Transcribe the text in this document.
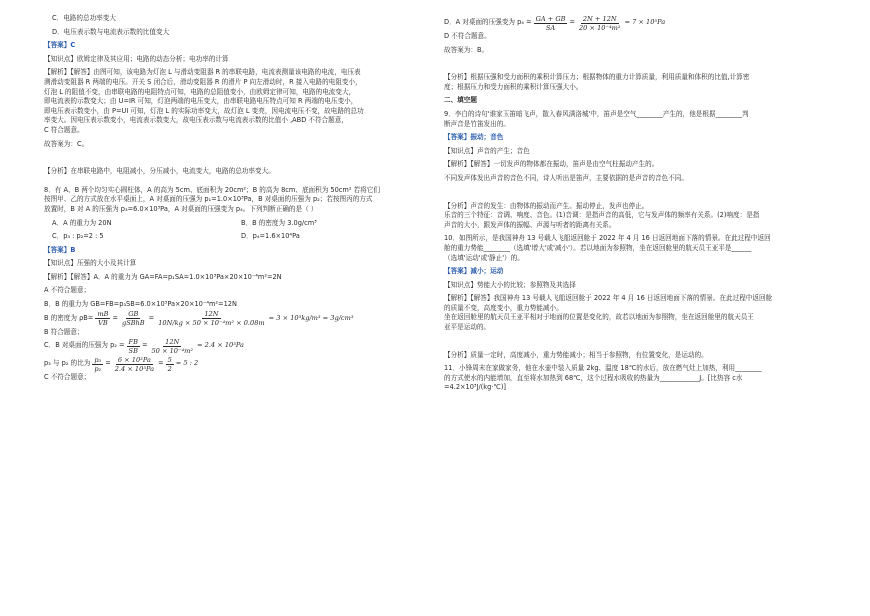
C．电路的总功率变大

D．电压表示数与电流表示数的比值变大

【答案】C

【知识点】欧姆定律及其应用；电路的动态分析；电功率的计算

【解析】【解答】由图可知，该电路为灯泡 L 与滑动变阻器 R 的串联电路，电流表测量该电路的电流，电压表

测滑动变阻器 R 两端的电压。开关 S 闭合后，滑动变阻器 R 的滑片 P 向左滑动时，R 接入电路的电阻变小，

灯泡 L 的阻值不变，由串联电路的电阻特点可知，电路的总阻值变小，由欧姆定律可知，电路的电流变大，

即电流表的示数变大；由 U=IR 可知，灯泡两端的电压变大，由串联电路电压特点可知 R 两端的电压变小，

即电压表示数变小，由 P=UI 可知，灯泡 L 的实际功率变大，故灯泡 L 变亮，因电流电压不变，故电路的总功

率变大。因电压表示数变小，电流表示数变大，故电压表示数与电流表示数的比值小 ,ABD 不符合题意，

C 符合题意。

故答案为：C。

【分析】在串联电路中，电阻减小，分压减小，电流变大，电路的总功率变大。

8．有 A、B 两个均匀实心圆柱体，A 的高为 5cm、底面积为 20cm²；B 的高为 8cm、底面积为 50cm² 若将它们

按图甲、乙的方式放在水平桌面上，A 对桌面的压强为 p₁=1.0×10³Pa，B 对桌面的压强为 p₂；若按图丙的方式

放置时，B 对 A 的压强为 p₃=6.0×10³Pa，A 对桌面的压强变为 p₄。下列判断正确的是（ ）

A．A 的重力为 20N	B．B 的密度为 3.0g/cm³
C．p₃ : p₂=2 : 5	D．p₄=1.6×10⁴Pa

【答案】B

【知识点】压强的大小及其计算

【解析】【解答】A．A 的重力为 GA=FA=p₁SA=1.0×10³Pa×20×10⁻⁴m²=2N

A 不符合题意；

B．B 的重力为 GB=FB=p₃SB=6.0×10³Pa×20×10⁻⁴m²=12N

B 的密度为 $\rho B= \frac{mB}{VB} = \frac{GB}{\text{gSBhB}} = \frac{12N}{\text{10N/kg × 50 × 10⁻⁴m² × 0.08m}} = 3 \times 10^3kg/m^3 = 3g/cm^3$

B 符合题意；

C．B 对桌面的压强为 $p_2 = \frac{FB}{SB} = \frac{12N}{\text{50 × 10⁻⁴m²}} = 2.4 \times 10^3Pa$
p₃ 与 p₂ 的比为 $\frac{\text{p₃}}{\text{p₂}} = \frac{\text{6 × 10³Pa}}{\text{2.4 × 10³Pa}} = \frac{5}{2} = 5$ : 2

C 不符合题意；

D．A 对桌面的压强变为 $p_4 = \frac{GA + GB}{SA} = \frac{2N + 12N}{\text{20 × 10⁻⁴m²}} = 7 \times 10^3Pa$

D 不符合题意。

故答案为：B。

【分析】根据压强和受力面积的乘积计算压力；根据物体的重力计算质量，利用质量和体积的比值,计算密

度；根据压力和受力面积的乘积计算压强大小。

二、填空题

9．李白的诗句'谁家玉笛暗飞声，散入春风满洛城'中，笛声是空气________产生的，他是根据________判

断声音是竹笛发出的。

【答案】振动；音色

【知识点】声音的产生；音色

【解析】【解答】一切发声的物体都在振动，笛声是由空气柱振动产生的。

不同发声体发出声音的音色不同，诗人听出是笛声，主要依据的是声音的音色不同。

【分析】声音的发生：由物体的振动而产生。振动停止，发声也停止。

乐音的三个特征：音调、响度、音色。(1)音调：是指声音的高低，它与发声体的频率有关系。(2)响度：是指

声音的大小，跟发声体的振幅、声源与听者的距离有关系。

10．如图所示，是我国神舟 13 号载人飞船返回舱于 2022 年 4 月 16 日返回地面下落的情景。在此过程中返回

舱的重力势能________（选填'增大'或'减小'）。若以地面为参照物，坐在返回舱里的航天员王亚平是______

（选填'运动'或'静止'）的。

【答案】减小；运动

【知识点】势能大小的比较；参照物及其选择

【解析】【解答】我国神舟 13 号载人飞船返回舱于 2022 年 4 月 16 日返回地面下落的情景。在此过程中返回舱

的质量不变，高度变小，重力势能减小。

坐在返回舱里的航天员王亚平相对于地面的位置是变化的，故若以地面为参照物，坐在返回舱里的航天员王

亚平是运动的。

【分析】质量一定时，高度减小，重力势能减小；相当于参照物，有位置变化，是运动的。

11．小锋周末在家做家务，他在水壶中装入质量 2kg、温度 18℃的水后，放在燃气灶上加热，利用________

的方式使水的内能增加，直至将水加热到 68℃，这个过程水吸收的热量为____________J。[比热容 c水

=4.2×10³J/(kg·℃)]
